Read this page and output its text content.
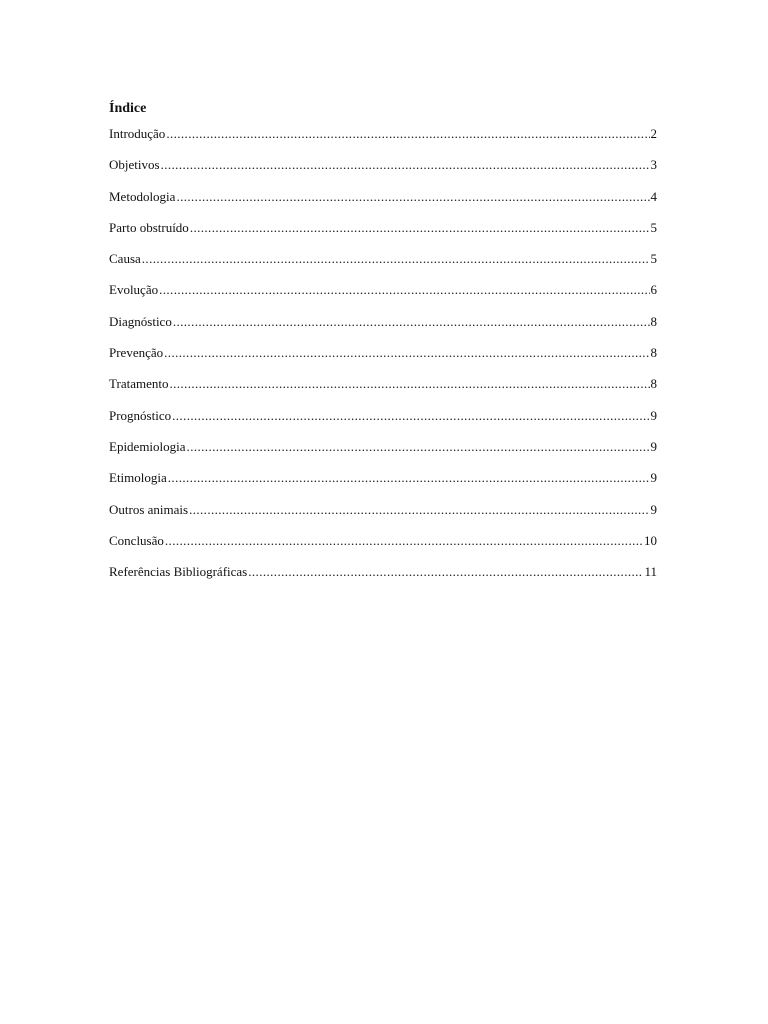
Índice
Introdução .....	2
Objetivos .....	3
Metodologia .....	4
Parto obstruído .....	5
Causa .....	5
Evolução .....	6
Diagnóstico .....	8
Prevenção .....	8
Tratamento .....	8
Prognóstico .....	9
Epidemiologia .....	9
Etimologia .....	9
Outros animais .....	9
Conclusão .....	10
Referências Bibliográficas .....	11
